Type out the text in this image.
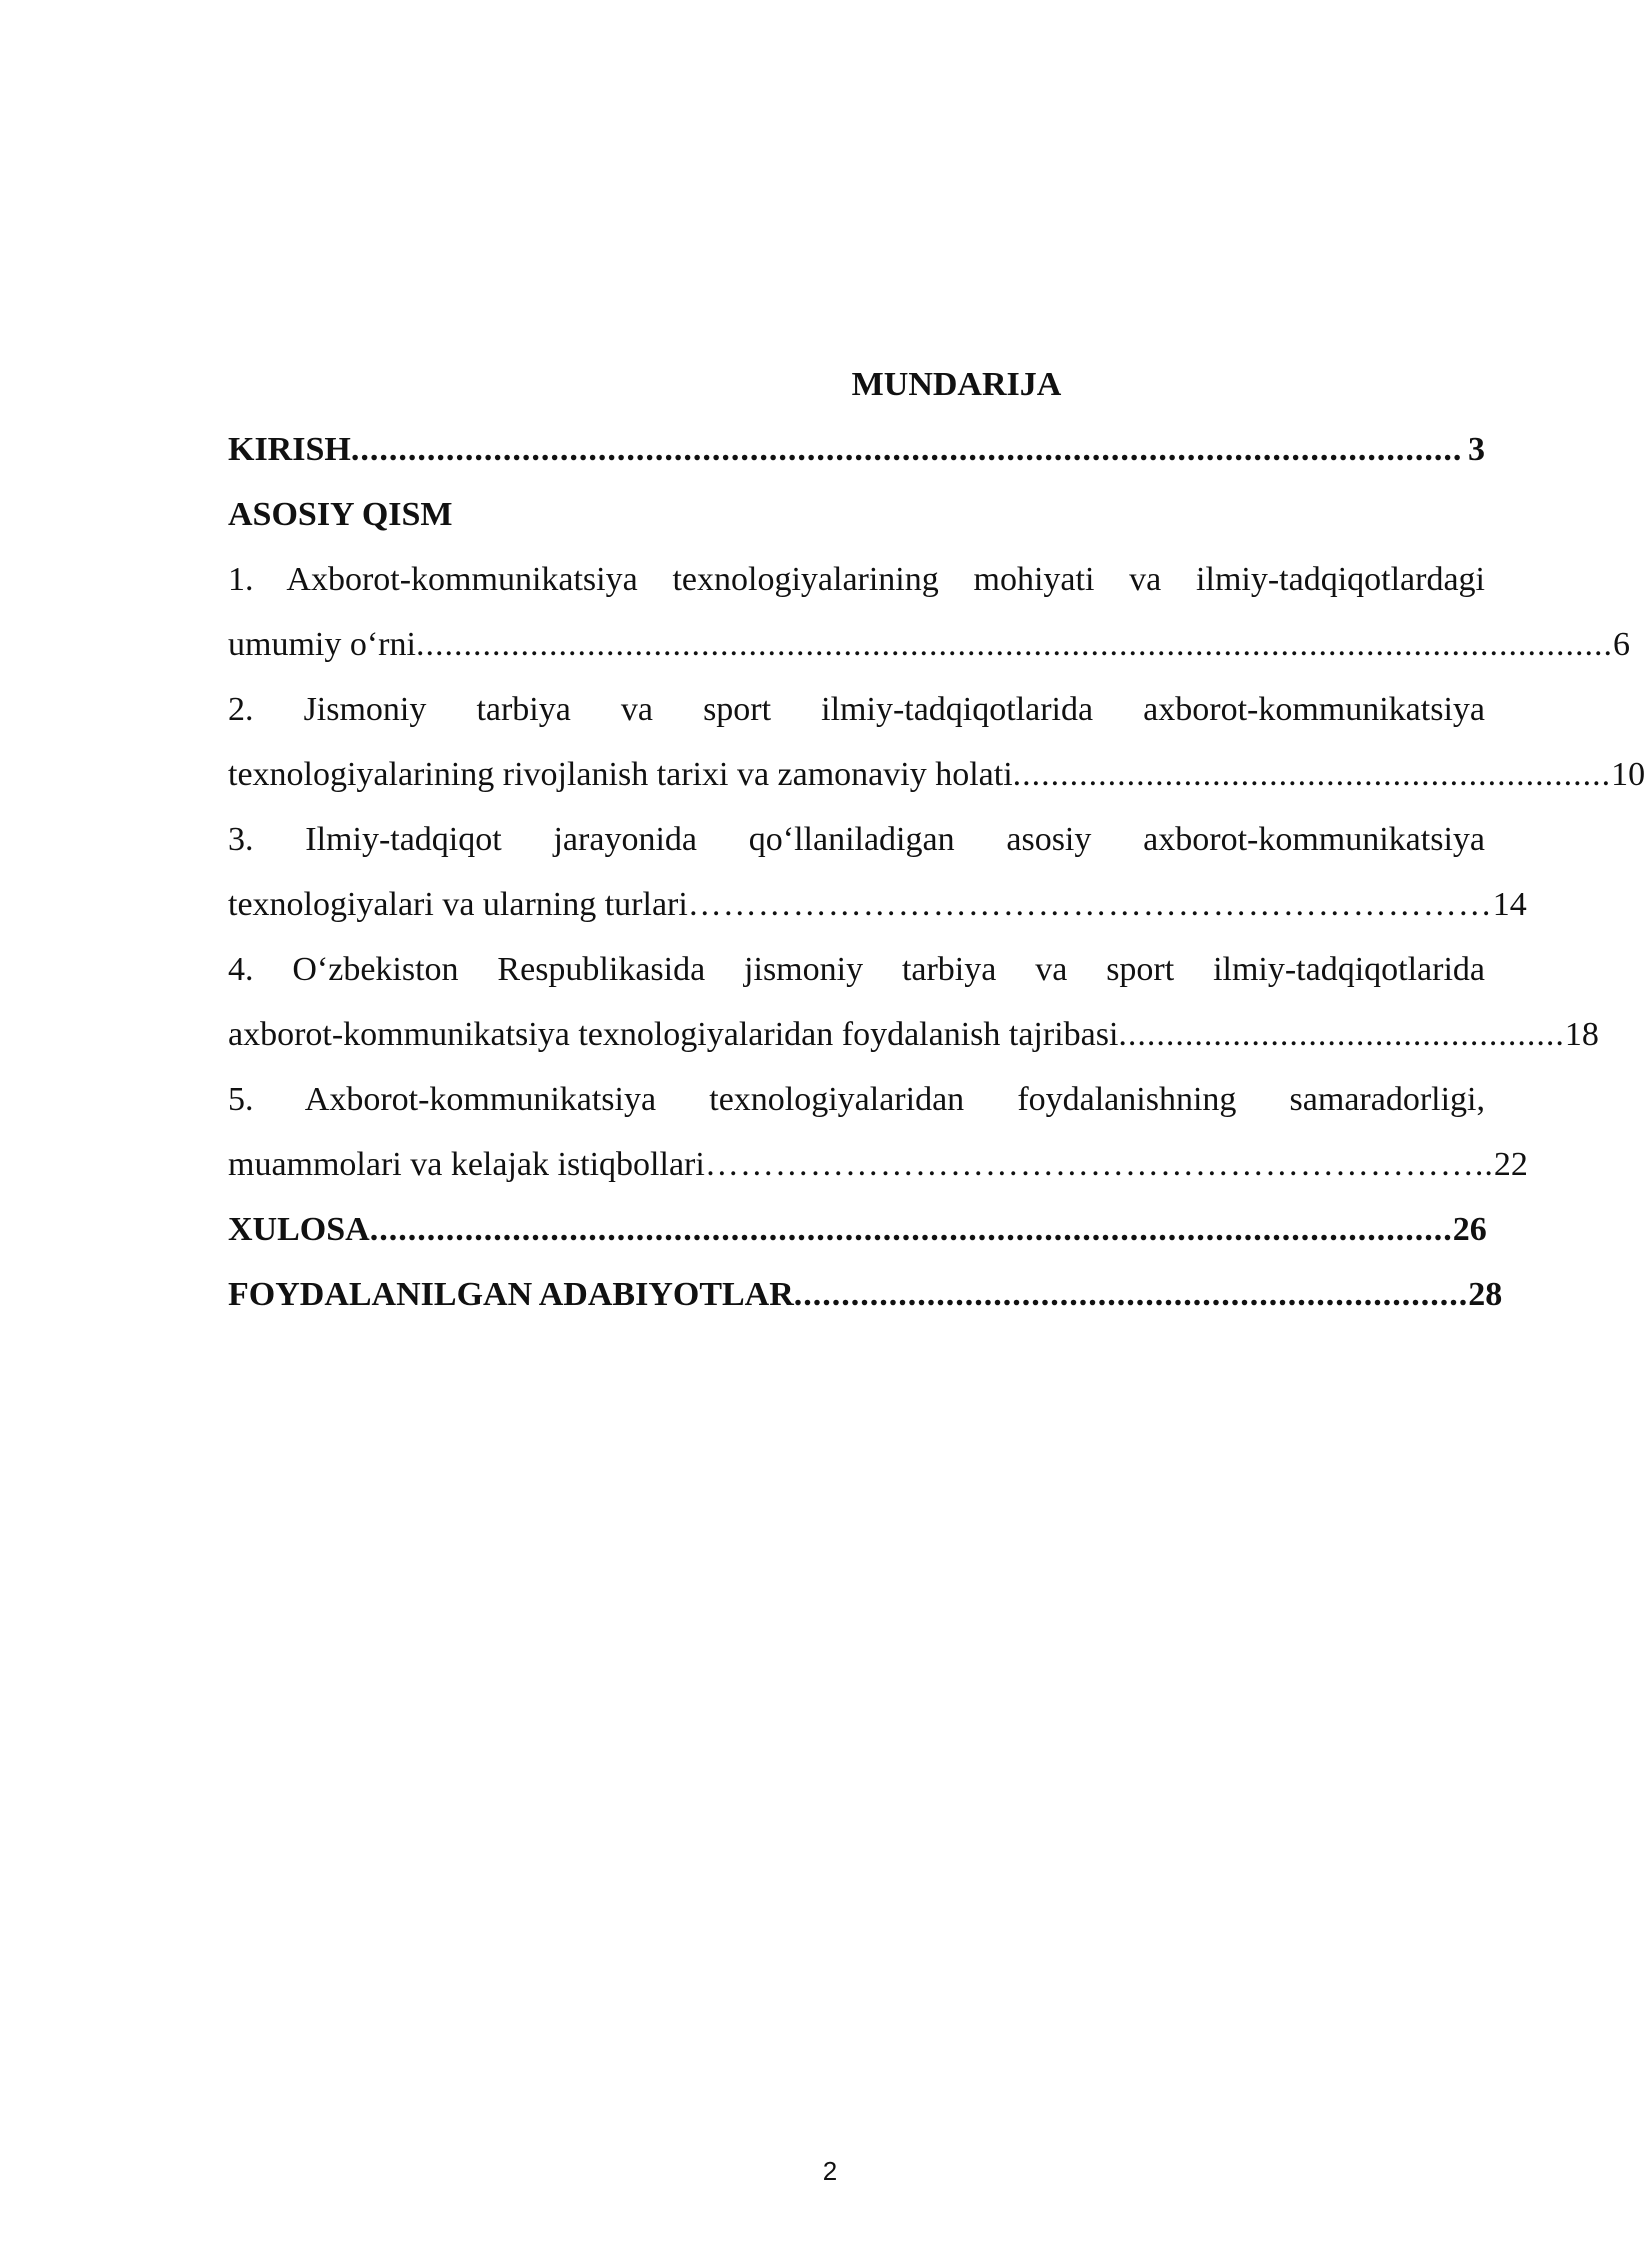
MUNDARIJA
KIRISH ..................................................................................................................... 3
ASOSIY QISM
1. Axborot-kommunikatsiya texnologiyalarining mohiyati va ilmiy-tadqiqotlardagi
umumiy o‘rni .............................................................................................................................. 6
2. Jismoniy tarbiya va sport ilmiy-tadqiqotlarida axborot-kommunikatsiya
texnologiyalarining rivojlanish tarixi va zamonaviy holati ............................................................... 10
3. Ilmiy-tadqiqot jarayonida qo‘llaniladigan asosiy axborot-kommunikatsiya
texnologiyalari va ularning turlari …………………………………………………………… 14
4. O‘zbekiston Respublikasida jismoniy tarbiya va sport ilmiy-tadqiqotlarida
axborot-kommunikatsiya texnologiyalaridan foydalanish tajribasi ............................................... 18
5. Axborot-kommunikatsiya texnologiyalaridan foydalanishning samaradorligi,
muammolari va kelajak istiqbollari ………………………………………………………….. 22
XULOSA .................................................................................................................. 26
FOYDALANILGAN ADABIYOTLAR ....................................................................... 28
2
